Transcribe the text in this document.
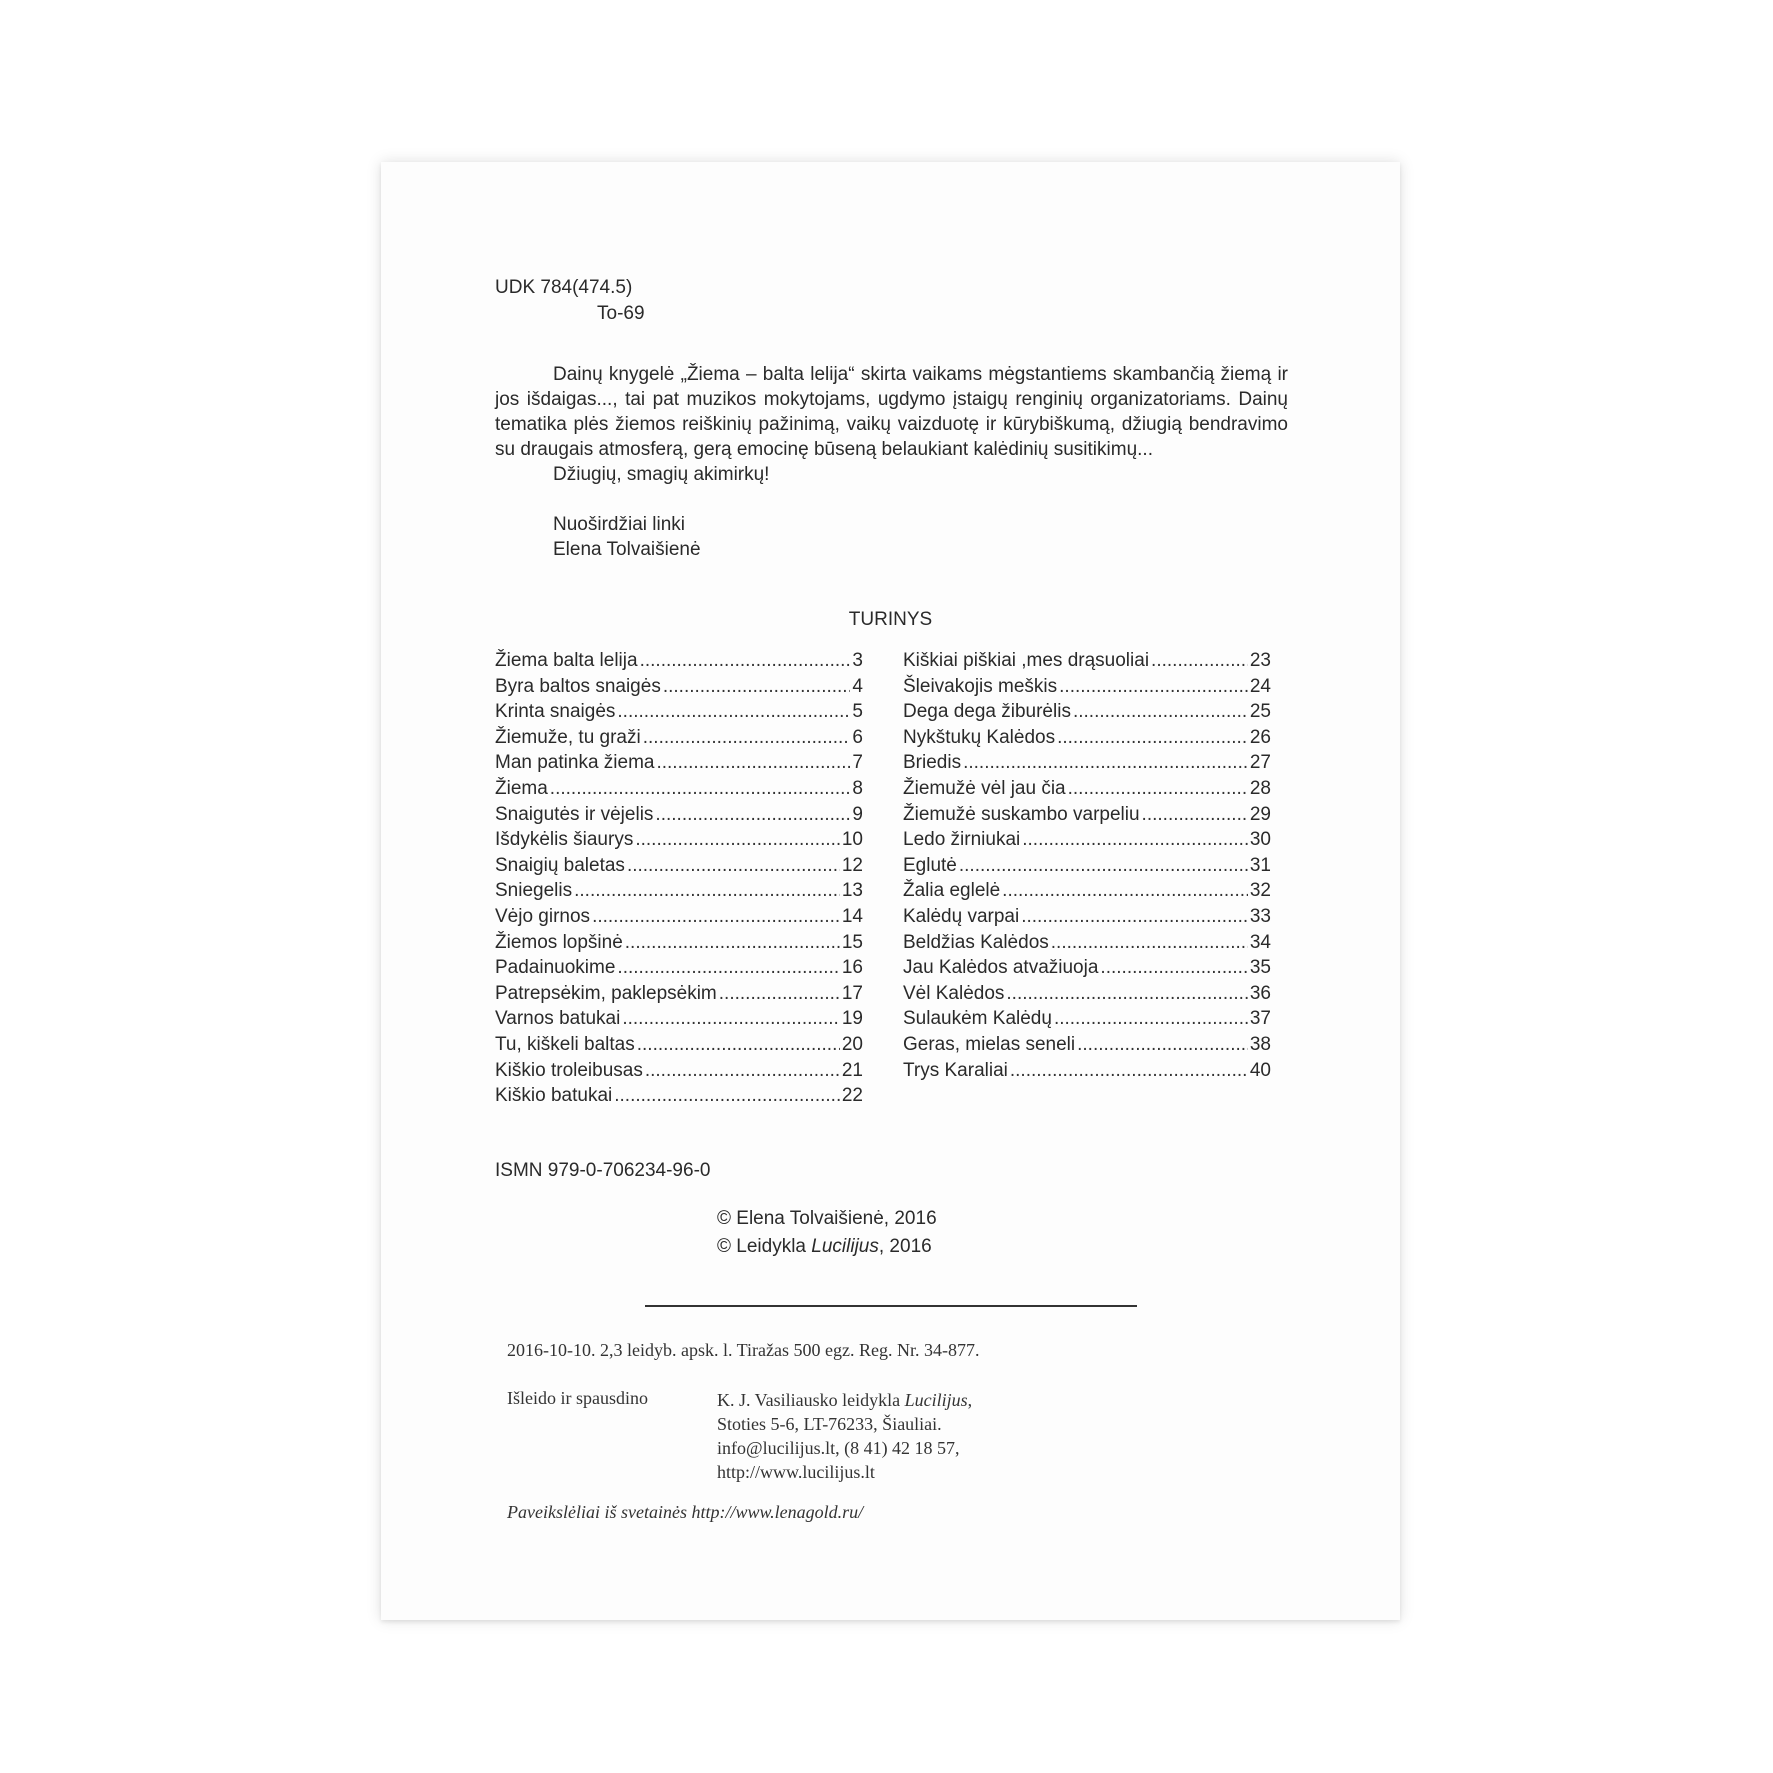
UDK 784(474.5)
To-69

Dainų knygelė „Žiema – balta lelija“ skirta vaikams mėgstantiems skambančią žiemą ir jos išdaigas..., tai pat muzikos mokytojams, ugdymo įstaigų renginių organizatoriams. Dainų tematika plės žiemos reiškinių pažinimą, vaikų vaizduotę ir kūrybiškumą, džiugią bendravimo su draugais atmosferą, gerą emocinę būseną belaukiant kalėdinių susitikimų...

Džiugių, smagių akimirkų!

Nuoširdžiai linki

Elena Tolvaišienė

TURINYS
Žiema balta lelija .....	3
Byra baltos snaigės .....	4
Krinta snaigės .....	5
Žiemuže, tu graži .....	6
Man patinka žiema .....	7
Žiema .....	8
Snaigutės ir vėjelis .....	9
Išdykėlis šiaurys .....	10
Snaigių baletas .....	12
Sniegelis .....	13
Vėjo girnos .....	14
Žiemos lopšinė .....	15
Padainuokime .....	16
Patrepsėkim, paklepsėkim .....	17
Varnos batukai .....	19
Tu, kiškeli baltas .....	20
Kiškio troleibusas .....	21
Kiškio batukai .....	22
Kiškiai piškiai ,mes drąsuoliai .....	23
Šleivakojis meškis .....	24
Dega dega žiburėlis .....	25
Nykštukų Kalėdos .....	26
Briedis .....	27
Žiemužė vėl jau čia .....	28
Žiemužė suskambo varpeliu .....	29
Ledo žirniukai .....	30
Eglutė .....	31
Žalia eglelė .....	32
Kalėdų varpai .....	33
Beldžias Kalėdos .....	34
Jau Kalėdos atvažiuoja .....	35
Vėl Kalėdos .....	36
Sulaukėm Kalėdų .....	37
Geras, mielas seneli .....	38
Trys Karaliai .....	40
ISMN 979-0-706234-96-0
© Elena Tolvaišienė, 2016
© Leidykla Lucilijus, 2016
2016-10-10. 2,3 leidyb. apsk. l. Tiražas 500 egz. Reg. Nr. 34-877.
Išleido ir spausdino	K. J. Vasiliausko leidykla Lucilijus,
Stoties 5-6, LT-76233, Šiauliai.
info@lucilijus.lt, (8 41) 42 18 57,
http://www.lucilijus.lt
Paveikslėliai iš svetainės http://www.lenagold.ru/
